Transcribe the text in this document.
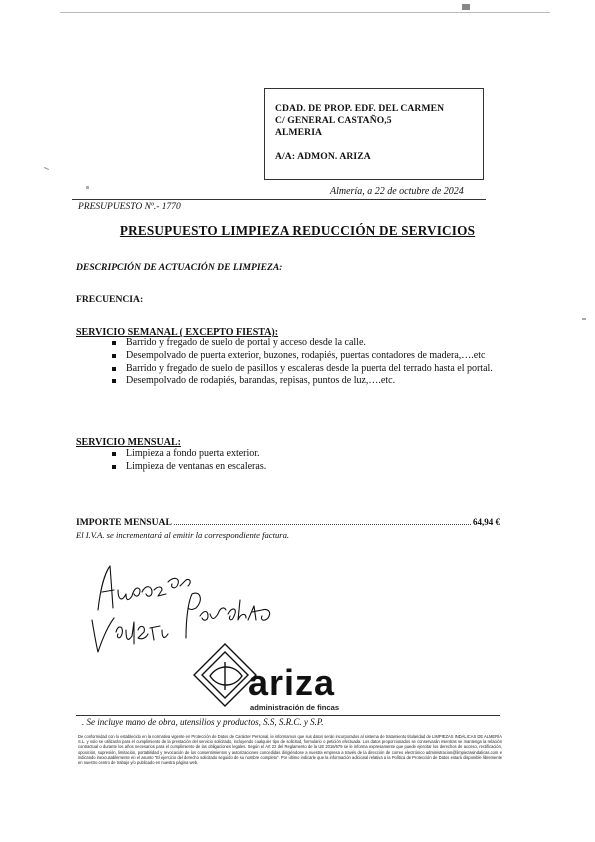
CDAD. DE PROP. EDF. DEL CARMEN
C/ GENERAL CASTAÑO,5
ALMERIA
A/A: ADMON. ARIZA
Almería, a 22 de octubre de 2024
PRESUPUESTO Nº.- 1770
PRESUPUESTO LIMPIEZA REDUCCIÓN DE SERVICIOS
DESCRIPCIÓN DE ACTUACIÓN DE LIMPIEZA:
FRECUENCIA:
SERVICIO SEMANAL ( EXCEPTO FIESTA):
Barrido y fregado de suelo de portal y acceso desde la calle.
Desempolvado de puerta exterior, buzones, rodapiés, puertas contadores de madera,….etc
Barrido y fregado de suelo de pasillos y escaleras desde la puerta del terrado hasta el portal.
Desempolvado de rodapiés, barandas, repisas, puntos de luz,….etc.
SERVICIO MENSUAL:
Limpieza a fondo puerta exterior.
Limpieza de ventanas en escaleras.
IMPORTE MENSUAL	64,94 €
El I.V.A. se incrementará al emitir la correspondiente factura.
ariza
administración de fincas
. Se incluye mano de obra, utensilios y productos, S.S, S.R.C. y S.P.
De conformidad con lo establecido en la normativa vigente en Protección de Datos de Carácter Personal, le informamos que sus datos serán incorporados al sistema de tratamiento titularidad de LIMPIEZAS INDÁLICAS DE ALMERÍA S.L. y solo se utilizarán para el cumplimiento de la prestación del servicio solicitado, incluyendo cualquier tipo de solicitud, formulario o petición efectuada. Los datos proporcionados se conservarán mientras se mantenga la relación contractual o durante los años necesarios para el cumplimiento de las obligaciones legales. Según el Art 22 del Reglamento de la UE 2016/679 se le informa expresamente que puede ejercitar los derechos de acceso, rectificación, oposición, supresión, limitación, portabilidad y revocación de los consentimientos y autorizaciones concedidas dirigiéndose a nuestra empresa a través de la dirección de correo electrónico administracion@limpiezasindalicas.com e indicando inexcusablemente en el asunto "El ejercicio del derecho solicitado seguido de su nombre completo". Por último indicarle que la información adicional relativa a la Política de Protección de Datos estará disponible libremente en nuestro centro de trabajo y/o publicado en nuestra página web.
